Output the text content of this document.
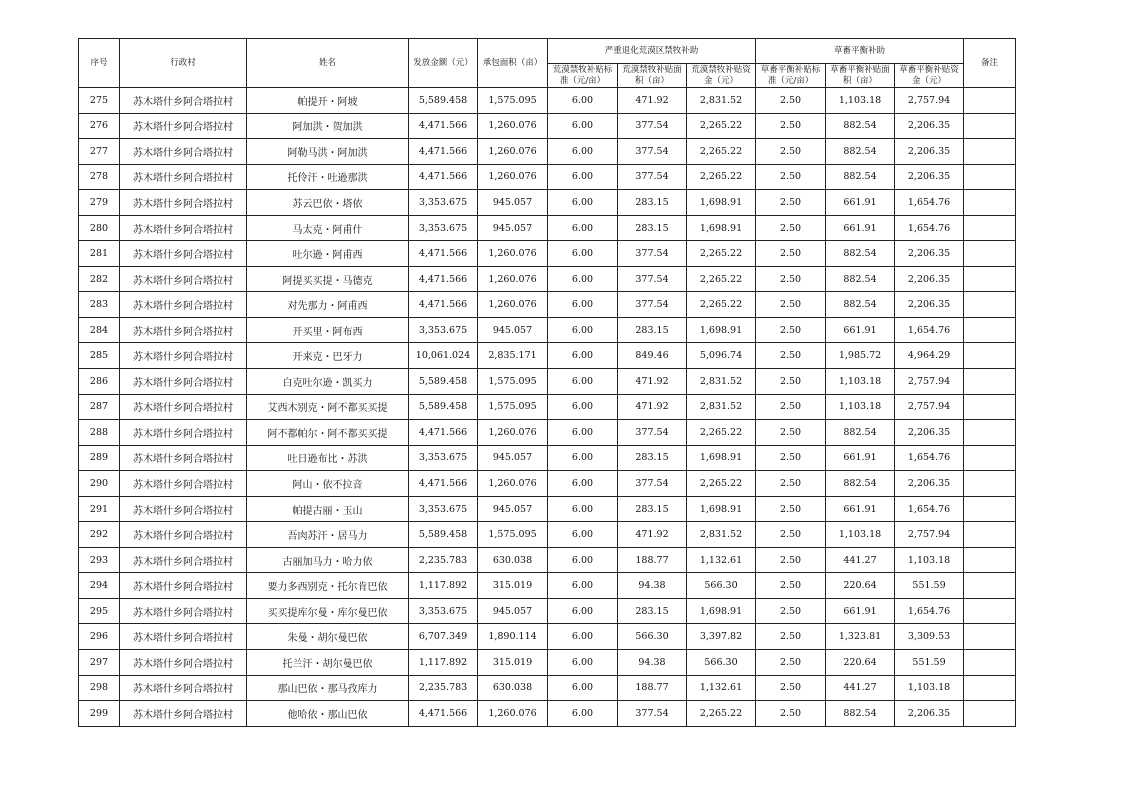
序号	行政村	姓名	发放金额（元）	承包面积（亩）	严重退化荒漠区禁牧补助			草畜平衡补助			备注
					荒漠禁牧补贴标准（元/亩）	荒漠禁牧补贴面积（亩）	荒漠禁牧补贴资金（元）	草畜平衡补贴标准（元/亩）	草畜平衡补贴面积（亩）	草畜平衡补贴资金（元）	
275	苏木塔什乡阿合塔拉村	帕提开・阿坡	5,589.458	1,575.095	6.00	471.92	2,831.52	2.50	1,103.18	2,757.94	
276	苏木塔什乡阿合塔拉村	阿加洪・贺加洪	4,471.566	1,260.076	6.00	377.54	2,265.22	2.50	882.54	2,206.35	
277	苏木塔什乡阿合塔拉村	阿勒马洪・阿加洪	4,471.566	1,260.076	6.00	377.54	2,265.22	2.50	882.54	2,206.35	
278	苏木塔什乡阿合塔拉村	托伶汗・吐逊那洪	4,471.566	1,260.076	6.00	377.54	2,265.22	2.50	882.54	2,206.35	
279	苏木塔什乡阿合塔拉村	苏云巴依・塔依	3,353.675	945.057	6.00	283.15	1,698.91	2.50	661.91	1,654.76	
280	苏木塔什乡阿合塔拉村	马太克・阿甫什	3,353.675	945.057	6.00	283.15	1,698.91	2.50	661.91	1,654.76	
281	苏木塔什乡阿合塔拉村	吐尔逊・阿甫西	4,471.566	1,260.076	6.00	377.54	2,265.22	2.50	882.54	2,206.35	
282	苏木塔什乡阿合塔拉村	阿提买买提・马德克	4,471.566	1,260.076	6.00	377.54	2,265.22	2.50	882.54	2,206.35	
283	苏木塔什乡阿合塔拉村	对先那力・阿甫西	4,471.566	1,260.076	6.00	377.54	2,265.22	2.50	882.54	2,206.35	
284	苏木塔什乡阿合塔拉村	开买里・阿布西	3,353.675	945.057	6.00	283.15	1,698.91	2.50	661.91	1,654.76	
285	苏木塔什乡阿合塔拉村	开来克・巴牙力	10,061.024	2,835.171	6.00	849.46	5,096.74	2.50	1,985.72	4,964.29	
286	苏木塔什乡阿合塔拉村	白克吐尔逊・凯买力	5,589.458	1,575.095	6.00	471.92	2,831.52	2.50	1,103.18	2,757.94	
287	苏木塔什乡阿合塔拉村	艾西木别克・阿不都买买提	5,589.458	1,575.095	6.00	471.92	2,831.52	2.50	1,103.18	2,757.94	
288	苏木塔什乡阿合塔拉村	阿不都帕尔・阿不都买买提	4,471.566	1,260.076	6.00	377.54	2,265.22	2.50	882.54	2,206.35	
289	苏木塔什乡阿合塔拉村	吐日逊布比・苏洪	3,353.675	945.057	6.00	283.15	1,698.91	2.50	661.91	1,654.76	
290	苏木塔什乡阿合塔拉村	阿山・依不拉音	4,471.566	1,260.076	6.00	377.54	2,265.22	2.50	882.54	2,206.35	
291	苏木塔什乡阿合塔拉村	帕提古丽・玉山	3,353.675	945.057	6.00	283.15	1,698.91	2.50	661.91	1,654.76	
292	苏木塔什乡阿合塔拉村	吾肉苏汗・居马力	5,589.458	1,575.095	6.00	471.92	2,831.52	2.50	1,103.18	2,757.94	
293	苏木塔什乡阿合塔拉村	古丽加马力・哈力依	2,235.783	630.038	6.00	188.77	1,132.61	2.50	441.27	1,103.18	
294	苏木塔什乡阿合塔拉村	要力多西别克・托尔肯巴依	1,117.892	315.019	6.00	94.38	566.30	2.50	220.64	551.59	
295	苏木塔什乡阿合塔拉村	买买提库尔曼・库尔曼巴依	3,353.675	945.057	6.00	283.15	1,698.91	2.50	661.91	1,654.76	
296	苏木塔什乡阿合塔拉村	朱曼・胡尔曼巴依	6,707.349	1,890.114	6.00	566.30	3,397.82	2.50	1,323.81	3,309.53	
297	苏木塔什乡阿合塔拉村	托兰汗・胡尔曼巴依	1,117.892	315.019	6.00	94.38	566.30	2.50	220.64	551.59	
298	苏木塔什乡阿合塔拉村	那山巴依・那马孜库力	2,235.783	630.038	6.00	188.77	1,132.61	2.50	441.27	1,103.18	
299	苏木塔什乡阿合塔拉村	他哈依・那山巴依	4,471.566	1,260.076	6.00	377.54	2,265.22	2.50	882.54	2,206.35	
